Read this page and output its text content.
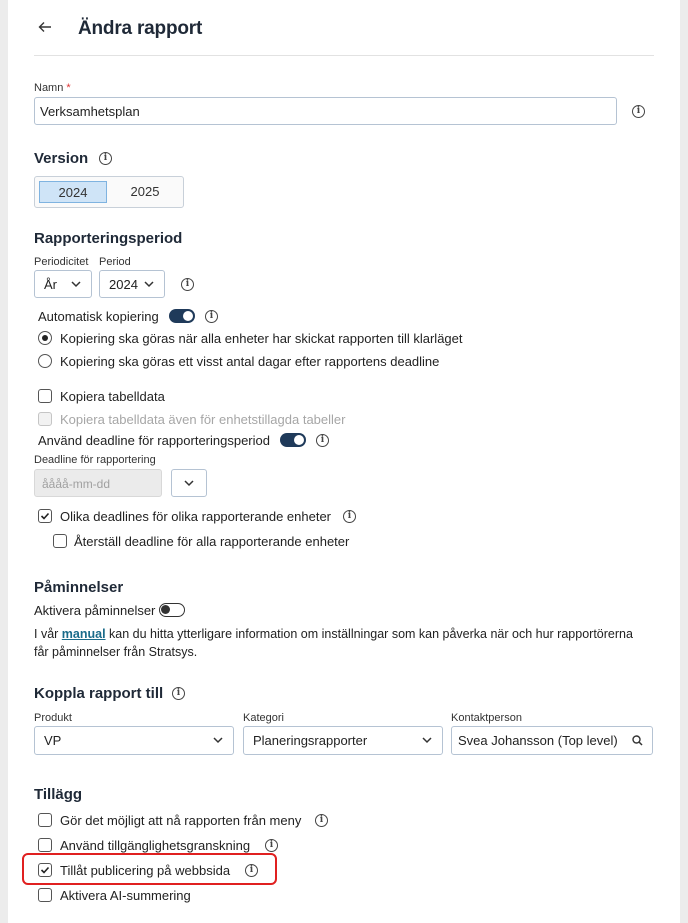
Ändra rapport
Namn *
Verksamhetsplan
i
Version	i
2024	2025
Rapporteringsperiod
Periodicitet Period
År	2024	i
Automatisk kopiering	i
Kopiering ska göras när alla enheter har skickat rapporten till klarläget
Kopiering ska göras ett visst antal dagar efter rapportens deadline
Kopiera tabelldata
Kopiera tabelldata även för enhetstillagda tabeller
Använd deadline för rapporteringsperiod	i
Deadline för rapportering
åååå-mm-dd
Olika deadlines för olika rapporterande enheter	i
Återställ deadline för alla rapporterande enheter
Påminnelser
Aktivera påminnelser
I vår manual kan du hitta ytterligare information om inställningar som kan påverka när och hur rapportörerna
får påminnelser från Stratsys.
Koppla rapport till	i
Produkt
VP
Kategori
Planeringsrapporter
Kontaktperson
Svea Johansson (Top level)
Tillägg
Gör det möjligt att nå rapporten från meny	i
Använd tillgänglighetsgranskning	i
Tillåt publicering på webbsida	i
Aktivera AI-summering
